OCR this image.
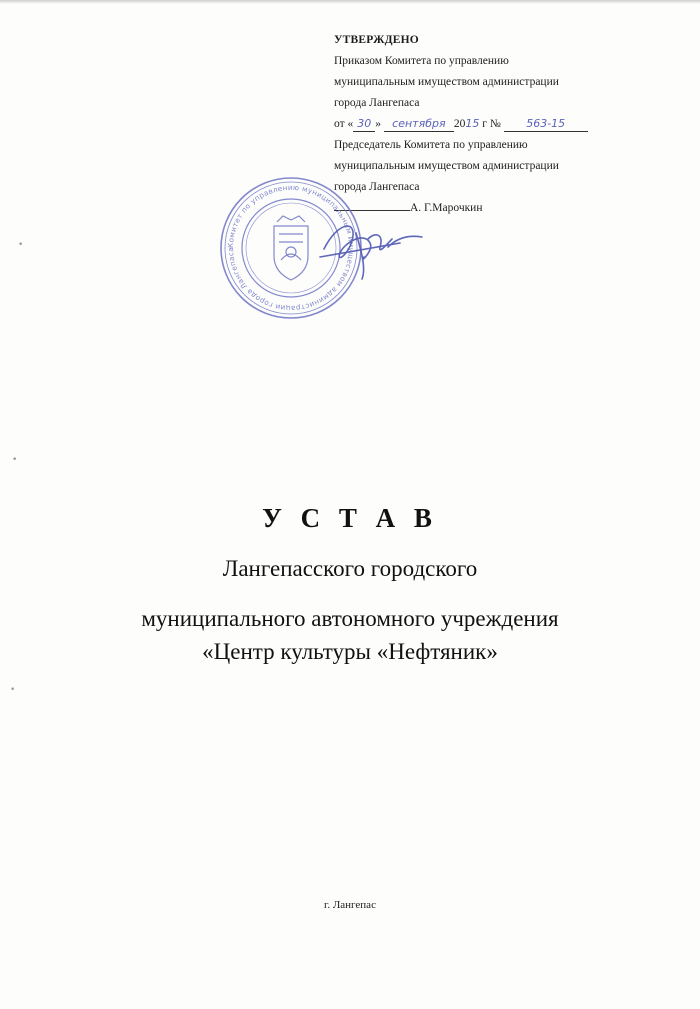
УТВЕРЖДЕНО
Приказом Комитета по управлению
муниципальным имуществом администрации
города Лангепаса
от « 30 » сентября 2015 г № 563-15
Председатель Комитета по управлению
муниципальным имуществом администрации
города Лангепаса
А. Г.Марочкин
Комитет по управлению муниципальным имуществом администрации города Лангепаса
У С Т А В
Лангепасского городского
муниципального автономного учреждения
«Центр культуры «Нефтяник»
г. Лангепас
•
•
•
